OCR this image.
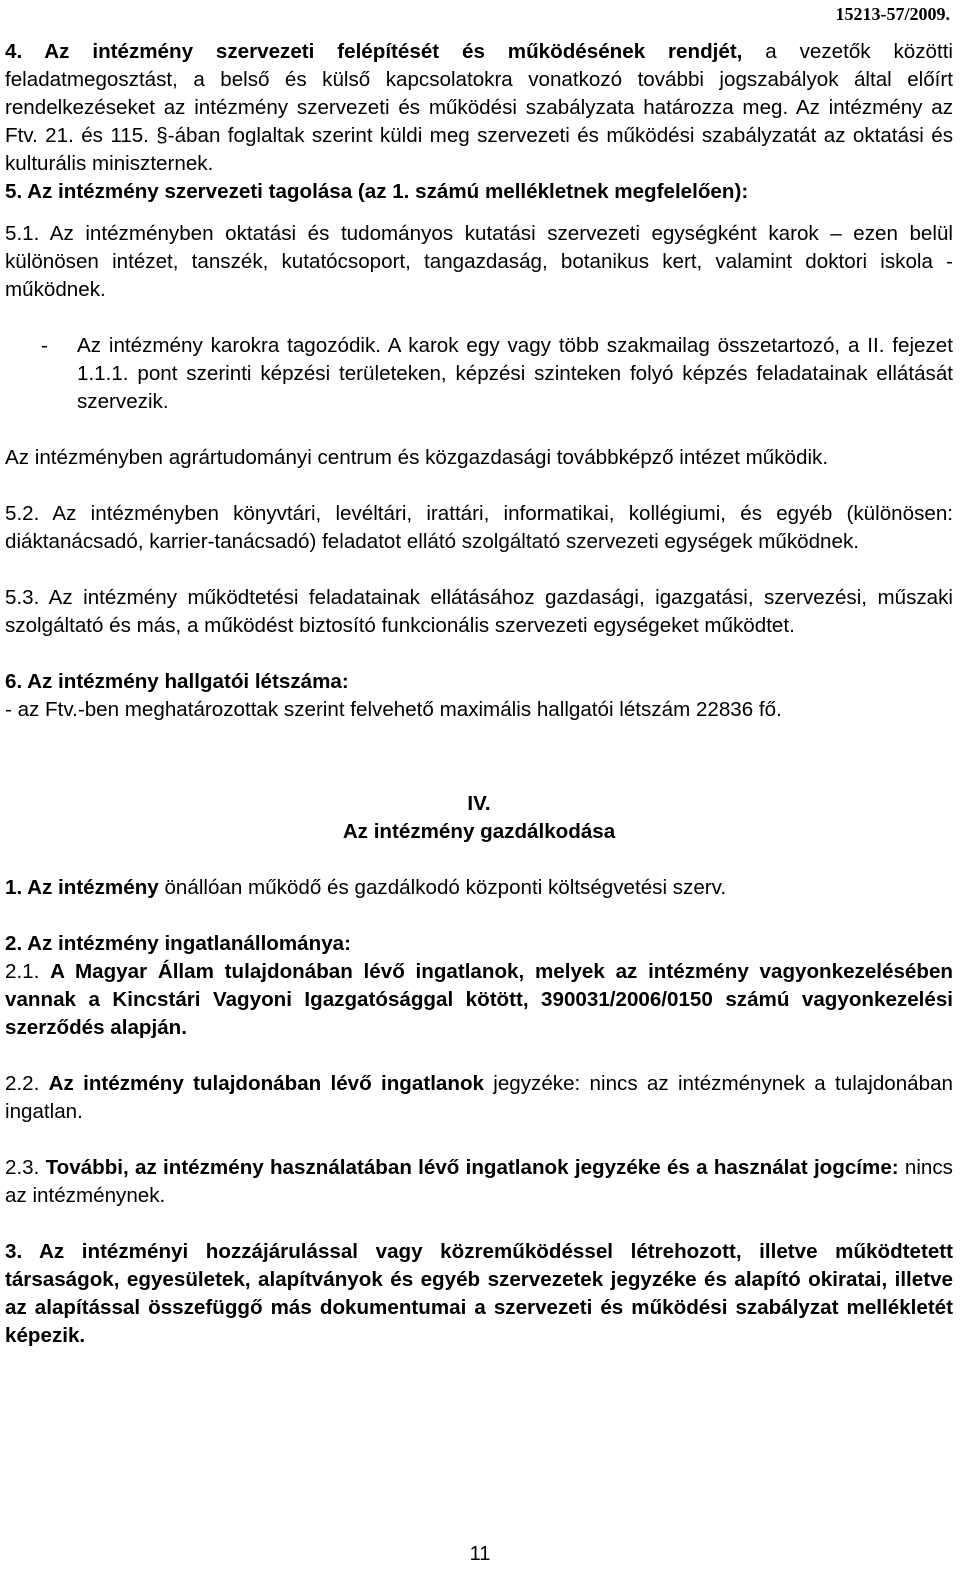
15213-57/2009.

4. Az intézmény szervezeti felépítését és működésének rendjét, a vezetők közötti feladatmegosztást, a belső és külső kapcsolatokra vonatkozó további jogszabályok által előírt rendelkezéseket az intézmény szervezeti és működési szabályzata határozza meg. Az intézmény az Ftv. 21. és 115. §-ában foglaltak szerint küldi meg szervezeti és működési szabályzatát az oktatási és kulturális miniszternek.

5. Az intézmény szervezeti tagolása (az 1. számú mellékletnek megfelelően):

5.1. Az intézményben oktatási és tudományos kutatási szervezeti egységként karok – ezen belül különösen intézet, tanszék, kutatócsoport, tangazdaság, botanikus kert, valamint doktori iskola - működnek.

- Az intézmény karokra tagozódik. A karok egy vagy több szakmailag összetartozó, a II. fejezet 1.1.1. pont szerinti képzési területeken, képzési szinteken folyó képzés feladatainak ellátását szervezik.

Az intézményben agrártudományi centrum és közgazdasági továbbképző intézet működik.

5.2. Az intézményben könyvtári, levéltári, irattári, informatikai, kollégiumi, és egyéb (különösen: diáktanácsadó, karrier-tanácsadó) feladatot ellátó szolgáltató szervezeti egységek működnek.

5.3. Az intézmény működtetési feladatainak ellátásához gazdasági, igazgatási, szervezési, műszaki szolgáltató és más, a működést biztosító funkcionális szervezeti egységeket működtet.

6. Az intézmény hallgatói létszáma:

- az Ftv.-ben meghatározottak szerint felvehető maximális hallgatói létszám 22836 fő.

IV.

Az intézmény gazdálkodása

1. Az intézmény önállóan működő és gazdálkodó központi költségvetési szerv.

2. Az intézmény ingatlanállománya:

2.1. A Magyar Állam tulajdonában lévő ingatlanok, melyek az intézmény vagyonkezelésében vannak a Kincstári Vagyoni Igazgatósággal kötött, 390031/2006/0150 számú vagyonkezelési szerződés alapján.

2.2. Az intézmény tulajdonában lévő ingatlanok jegyzéke: nincs az intézménynek a tulajdonában ingatlan.

2.3. További, az intézmény használatában lévő ingatlanok jegyzéke és a használat jogcíme: nincs az intézménynek.

3. Az intézményi hozzájárulással vagy közreműködéssel létrehozott, illetve működtetett társaságok, egyesületek, alapítványok és egyéb szervezetek jegyzéke és alapító okiratai, illetve az alapítással összefüggő más dokumentumai a szervezeti és működési szabályzat mellékletét képezik.

11
